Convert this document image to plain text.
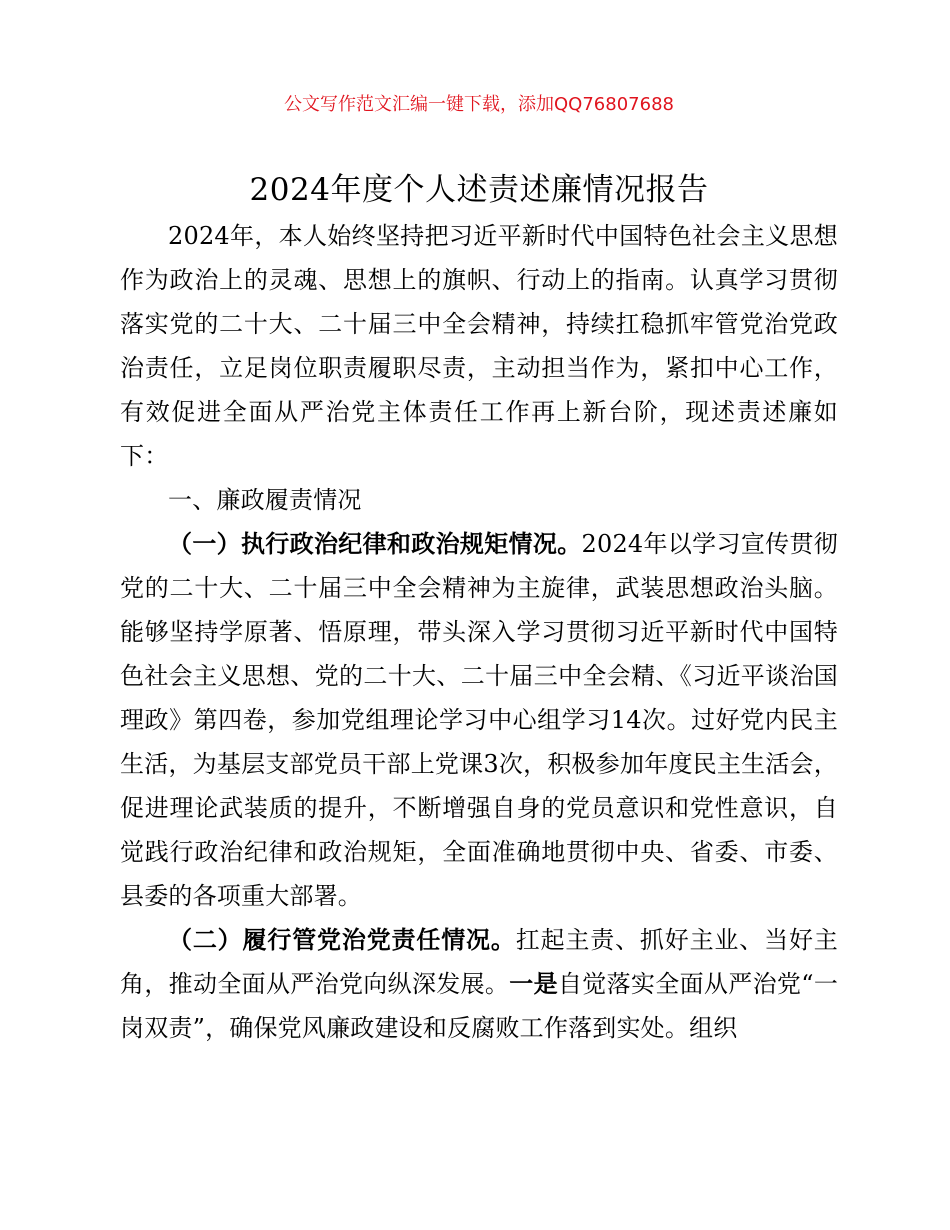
公文写作范文汇编一键下载，添加QQ76807688
2024年度个人述责述廉情况报告

2024年，本人始终坚持把习近平新时代中国特色社会主义思想作为政治上的灵魂、思想上的旗帜、行动上的指南。认真学习贯彻落实党的二十大、二十届三中全会精神，持续扛稳抓牢管党治党政治责任，立足岗位职责履职尽责，主动担当作为，紧扣中心工作，有效促进全面从严治党主体责任工作再上新台阶，现述责述廉如下：

一、廉政履责情况

（一）执行政治纪律和政治规矩情况。2024年以学习宣传贯彻党的二十大、二十届三中全会精神为主旋律，武装思想政治头脑。能够坚持学原著、悟原理，带头深入学习贯彻习近平新时代中国特色社会主义思想、党的二十大、二十届三中全会精、《习近平谈治国理政》第四卷，参加党组理论学习中心组学习14次。过好党内民主生活，为基层支部党员干部上党课3次，积极参加年度民主生活会，促进理论武装质的提升，不断增强自身的党员意识和党性意识，自觉践行政治纪律和政治规矩，全面准确地贯彻中央、省委、市委、县委的各项重大部署。

（二）履行管党治党责任情况。扛起主责、抓好主业、当好主角，推动全面从严治党向纵深发展。一是自觉落实全面从严治党“一岗双责”，确保党风廉政建设和反腐败工作落到实处。组织
